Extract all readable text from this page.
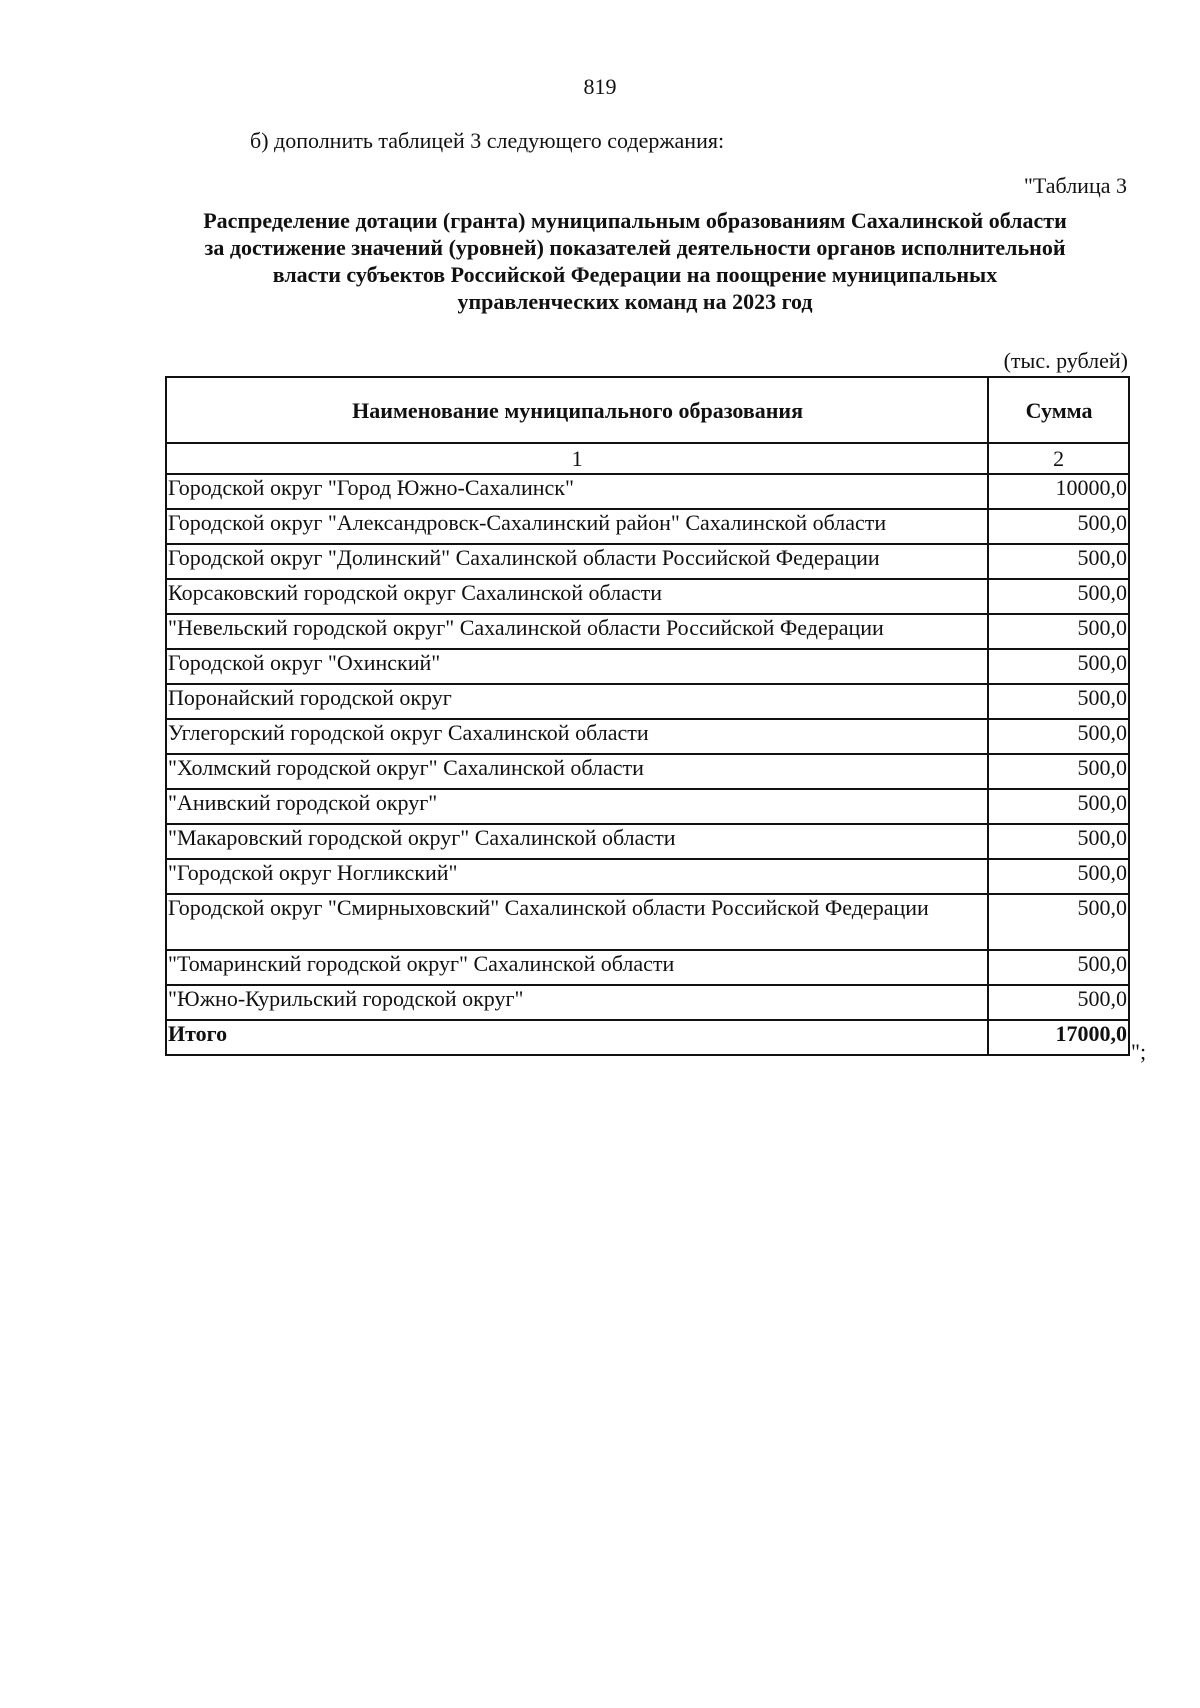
819
б) дополнить таблицей 3 следующего содержания:
"Таблица 3
Распределение дотации (гранта) муниципальным образованиям Сахалинской области
за достижение значений (уровней) показателей деятельности органов исполнительной
власти субъектов Российской Федерации на поощрение муниципальных
управленческих команд на 2023 год
(тыс. рублей)
Наименование муниципального образования	Сумма
1	2
Городской округ "Город Южно-Сахалинск"	10000,0
Городской округ "Александровск-Сахалинский район" Сахалинской области	500,0
Городской округ "Долинский" Сахалинской области Российской Федерации	500,0
Корсаковский городской округ Сахалинской области	500,0
"Невельский городской округ" Сахалинской области Российской Федерации	500,0
Городской округ "Охинский"	500,0
Поронайский городской округ	500,0
Углегорский городской округ Сахалинской области	500,0
"Холмский городской округ" Сахалинской области	500,0
"Анивский городской округ"	500,0
"Макаровский городской округ" Сахалинской области	500,0
"Городской округ Ногликский"	500,0
Городской округ "Смирныховский" Сахалинской области Российской Федерации	500,0
"Томаринский городской округ" Сахалинской области	500,0
"Южно-Курильский городской округ"	500,0
Итого	17000,0
";
